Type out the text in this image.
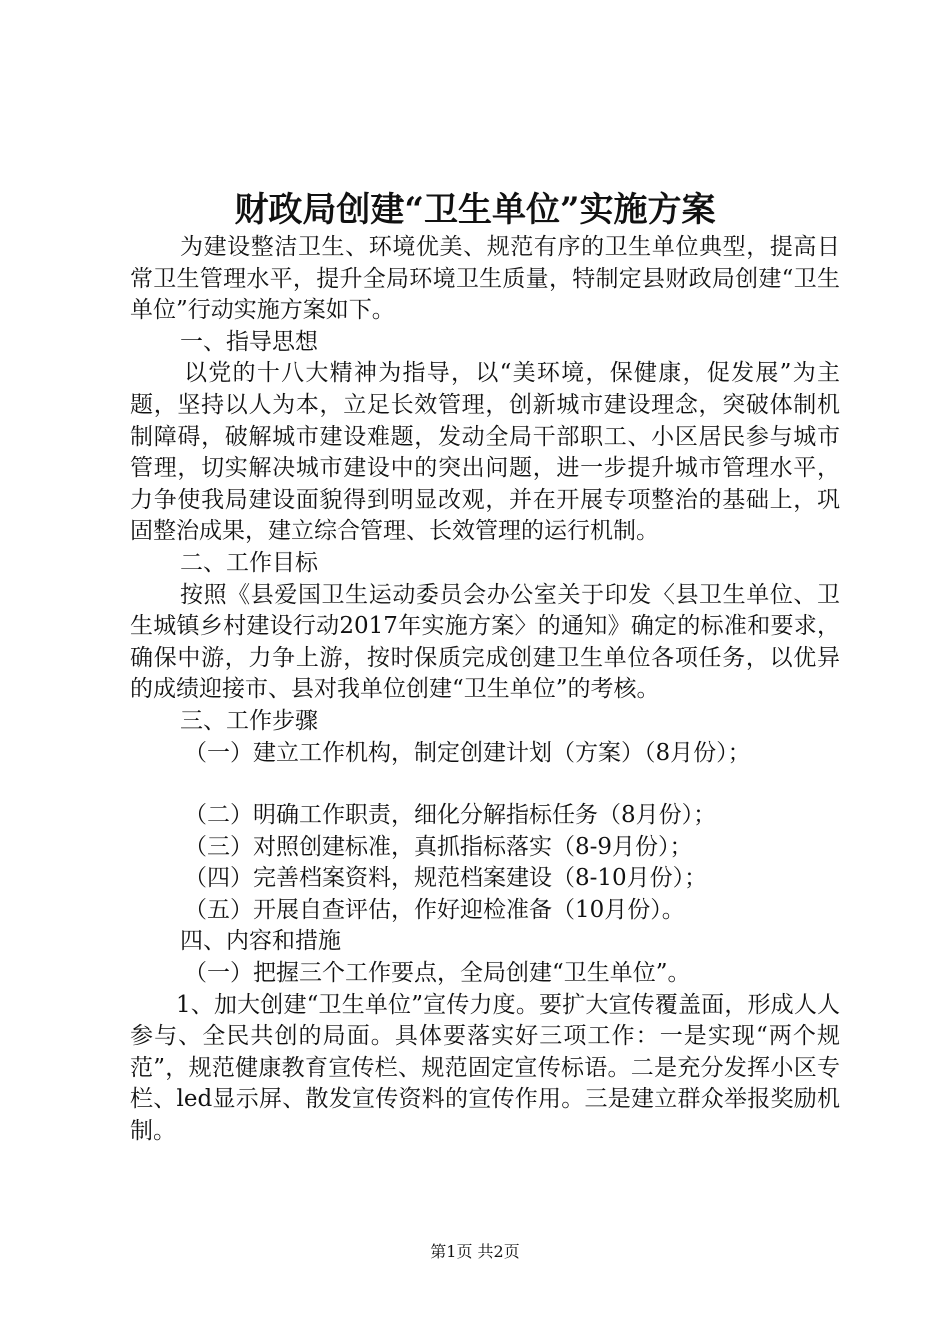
财政局创建“卫生单位”实施方案

为建设整洁卫生、环境优美、规范有序的卫生单位典型，提高日常卫生管理水平，提升全局环境卫生质量，特制定县财政局创建“卫生单位”行动实施方案如下。

一、指导思想

以党的十八大精神为指导，以“美环境，保健康，促发展”为主题，坚持以人为本，立足长效管理，创新城市建设理念，突破体制机制障碍，破解城市建设难题，发动全局干部职工、小区居民参与城市管理，切实解决城市建设中的突出问题，进一步提升城市管理水平，力争使我局建设面貌得到明显改观，并在开展专项整治的基础上，巩固整治成果，建立综合管理、长效管理的运行机制。

二、工作目标

按照《县爱国卫生运动委员会办公室关于印发〈县卫生单位、卫生城镇乡村建设行动2017年实施方案〉的通知》确定的标准和要求，确保中游，力争上游，按时保质完成创建卫生单位各项任务，以优异的成绩迎接市、县对我单位创建“卫生单位”的考核。

三、工作步骤

（一）建立工作机构，制定创建计划（方案）（8月份）；

（二）明确工作职责，细化分解指标任务（8月份）；

（三）对照创建标准，真抓指标落实（8-9月份）；

（四）完善档案资料，规范档案建设（8-10月份）；

（五）开展自查评估，作好迎检准备（10月份）。

四、内容和措施

（一）把握三个工作要点，全局创建“卫生单位”。

1、加大创建“卫生单位”宣传力度。要扩大宣传覆盖面，形成人人参与、全民共创的局面。具体要落实好三项工作：一是实现“两个规范”，规范健康教育宣传栏、规范固定宣传标语。二是充分发挥小区专栏、led显示屏、散发宣传资料的宣传作用。三是建立群众举报奖励机制。

第1页 共2页
